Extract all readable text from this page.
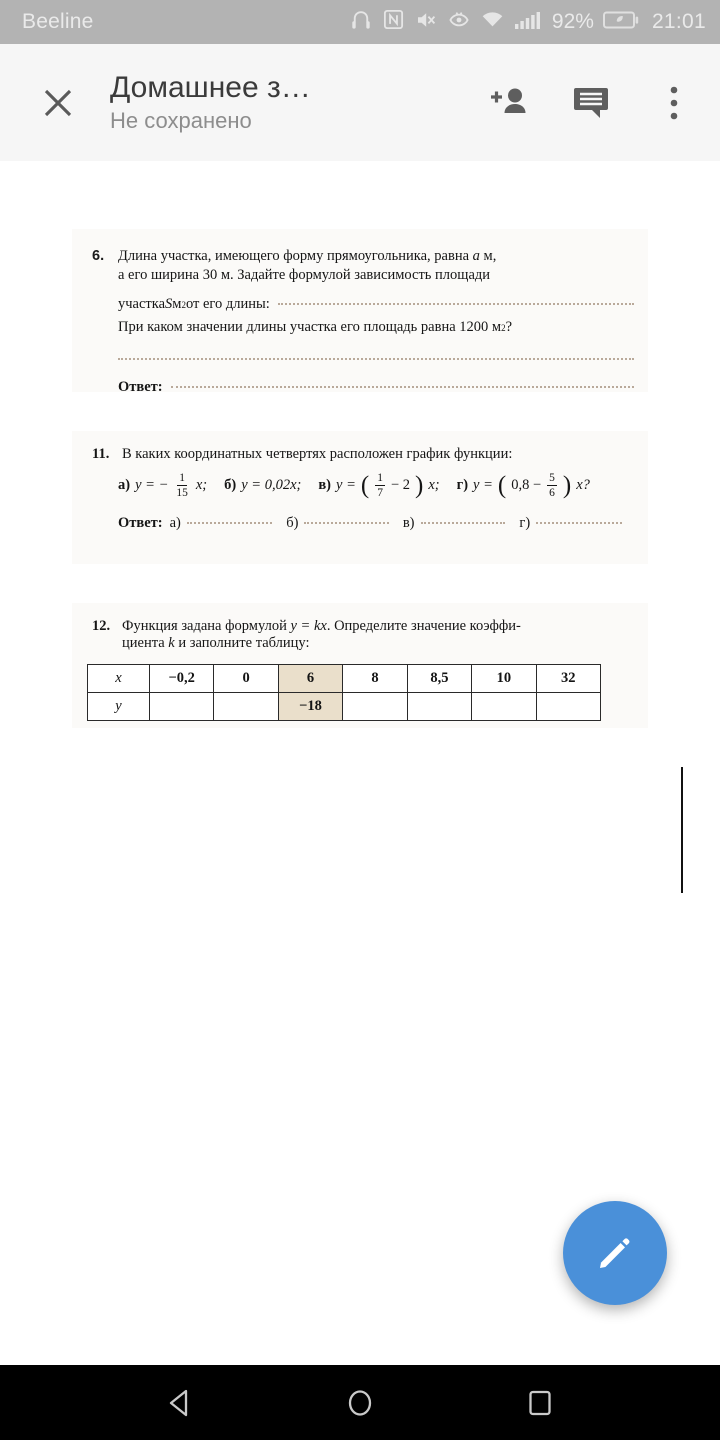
Beeline	92%	21:01
Домашнее з…
Не сохранено
6. Длина участка, имеющего форму прямоугольника, равна a м,
а его ширина 30 м. Задайте формулой зависимость площади
участка S м 2 от его длины:
При каком значении длины участка его площадь равна 1200 м 2 ?
Ответ:
11. В каких координатных четвертях расположен график функции:
а) y = − $\frac{1}{15} x$; б) y = 0,02x; в) y = ( $\frac{1}{7} - 2$ ) x; г) y = ( $0,8 - \frac{5}{6}$ ) x?
Ответ: а)	б)	в)	г)
12. Функция задана формулой y = kx. Определите значение коэффи-
циента k и заполните таблицу:
x	−0,2	0	6	8	8,5	10	32
y			−18				
